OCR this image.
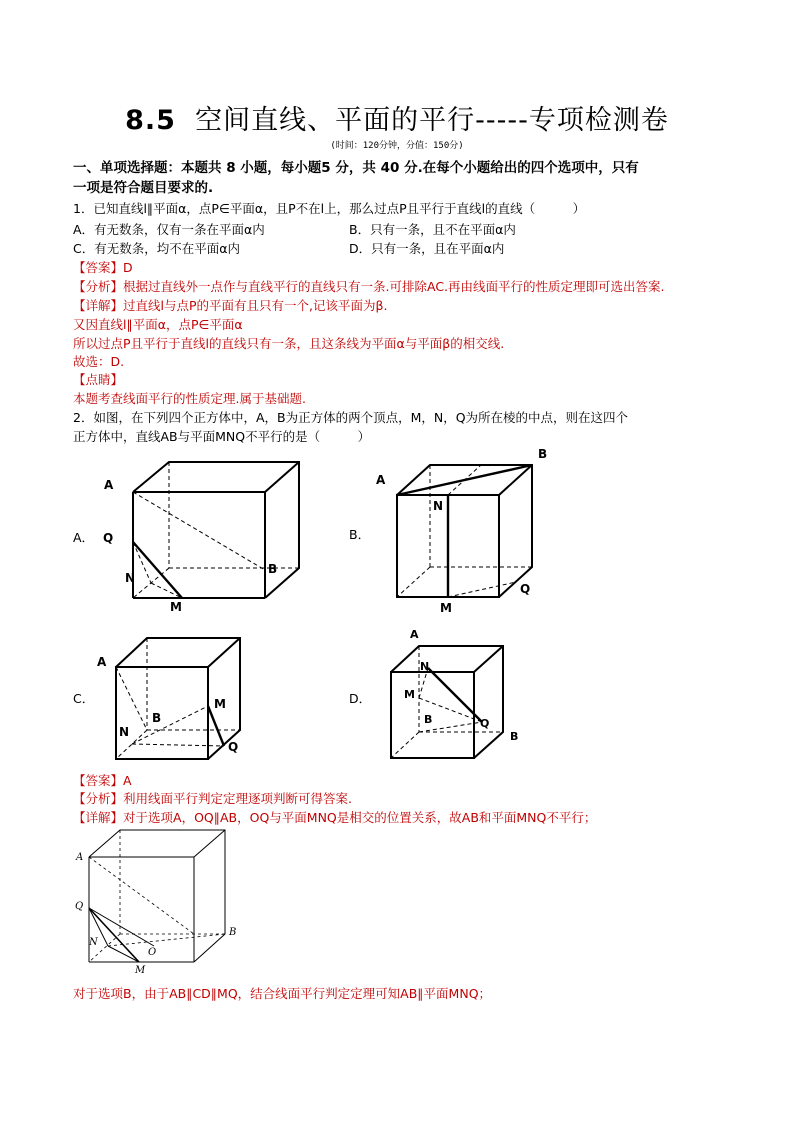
8.5 空间直线、平面的平行-----专项检测卷
(时间：120分钟，分值：150分)
一、单项选择题：本题共 8 小题，每小题5 分，共 40 分.在每个小题给出的四个选项中，只有
一项是符合题目要求的.
1．已知直线l∥平面α，点P∈平面α，且P不在l上，那么过点P且平行于直线l的直线（　　　）
A．有无数条，仅有一条在平面α内	B．只有一条，且不在平面α内
C．有无数条，均不在平面α内	D．只有一条，且在平面α内
【答案】D
【分析】根据过直线外一点作与直线平行的直线只有一条.可排除AC.再由线面平行的性质定理即可选出答案.
【详解】过直线l与点P的平面有且只有一个,记该平面为β.
又因直线l∥平面α，点P∈平面α
所以过点P且平行于直线l的直线只有一条，且这条线为平面α与平面β的相交线.
故选：D.
【点睛】
本题考查线面平行的性质定理.属于基础题.
2．如图，在下列四个正方体中，A，B为正方体的两个顶点，M，N，Q为所在棱的中点，则在这四个
正方体中，直线AB与平面MNQ不平行的是（　　　）
A．
A
Q
N
M
B
B．
A
B
N
M
Q
C．
A
B
M
N
Q
D．
A
N
M
B	Q
B
【答案】A
【分析】利用线面平行判定定理逐项判断可得答案.
【详解】对于选项A，OQ∥AB，OQ与平面MNQ是相交的位置关系，故AB和平面MNQ不平行；
A
Q
N
O
B
M
对于选项B，由于AB∥CD∥MQ，结合线面平行判定定理可知AB∥平面MNQ；
